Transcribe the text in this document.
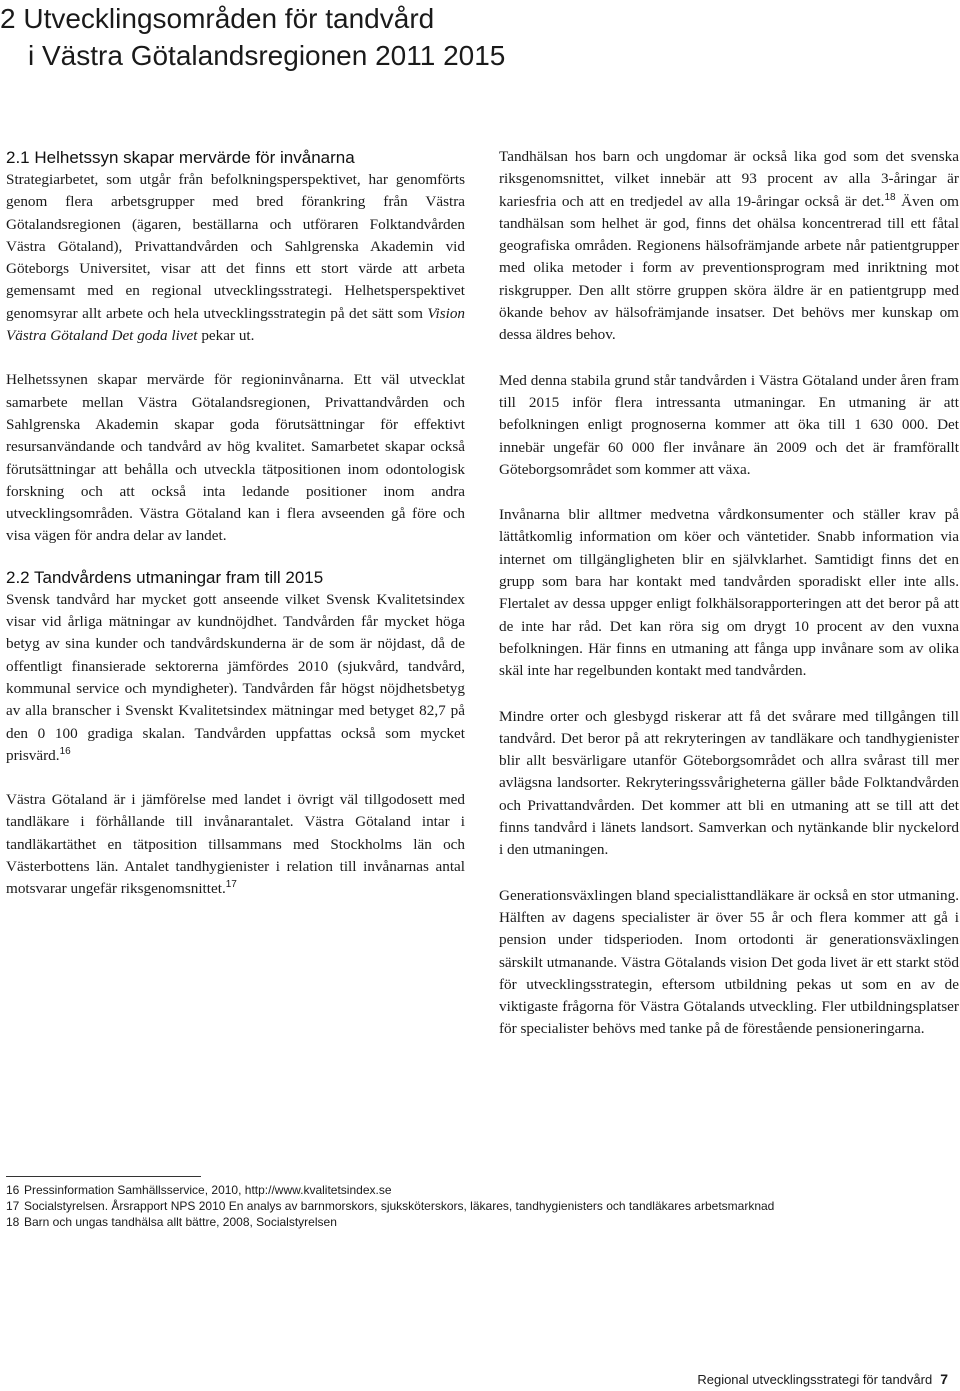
2 Utvecklingsområden för tandvård
i Västra Götalandsregionen 2011 2015
2.1 Helhetssyn skapar mervärde för invånarna

Strategiarbetet, som utgår från befolkningsperspektivet, har genomförts genom flera arbetsgrupper med bred förankring från Västra Götalandsregionen (ägaren, beställarna och utföraren Folktandvården Västra Götaland), Privattandvården och Sahlgrenska Akademin vid Göteborgs Universitet, visar att det finns ett stort värde att arbeta gemensamt med en regional utvecklingsstrategi. Helhetsperspektivet genomsyrar allt arbete och hela utvecklingsstrategin på det sätt som Vision Västra Götaland Det goda livet pekar ut.

Helhetssynen skapar mervärde för regioninvånarna. Ett väl utvecklat samarbete mellan Västra Götalandsregionen, Privattandvården och Sahlgrenska Akademin skapar goda förutsättningar för effektivt resursanvändande och tandvård av hög kvalitet. Samarbetet skapar också förutsättningar att behålla och utveckla tätpositionen inom odontologisk forskning och att också inta ledande positioner inom andra utvecklingsområden. Västra Götaland kan i flera avseenden gå före och visa vägen för andra delar av landet.

2.2 Tandvårdens utmaningar fram till 2015

Svensk tandvård har mycket gott anseende vilket Svensk Kvalitetsindex visar vid årliga mätningar av kundnöjdhet. Tandvården får mycket höga betyg av sina kunder och tandvårdskunderna är de som är nöjdast, då de offentligt finansierade sektorerna jämfördes 2010 (sjukvård, tandvård, kommunal service och myndigheter). Tandvården får högst nöjdhetsbetyg av alla branscher i Svenskt Kvalitetsindex mätningar med betyget 82,7 på den 0 100 gradiga skalan. Tandvården uppfattas också som mycket prisvärd.$^{16}$

Västra Götaland är i jämförelse med landet i övrigt väl tillgodosett med tandläkare i förhållande till invånarantalet. Västra Götaland intar i tandläkartäthet en tätposition tillsammans med Stockholms län och Västerbottens län. Antalet tandhygienister i relation till invånarnas antal motsvarar ungefär riksgenomsnittet.$^{17}$

Tandhälsan hos barn och ungdomar är också lika god som det svenska riksgenomsnittet, vilket innebär att 93 procent av alla 3-åringar är kariesfria och att en tredjedel av alla 19-åringar också är det.$^{18}$ Även om tandhälsan som helhet är god, finns det ohälsa koncentrerad till ett fåtal geografiska områden. Regionens hälsofrämjande arbete når patientgrupper med olika metoder i form av preventionsprogram med inriktning mot riskgrupper. Den allt större gruppen sköra äldre är en patientgrupp med ökande behov av hälsofrämjande insatser. Det behövs mer kunskap om dessa äldres behov.

Med denna stabila grund står tandvården i Västra Götaland under åren fram till 2015 inför flera intressanta utmaningar. En utmaning är att befolkningen enligt prognoserna kommer att öka till 1 630 000. Det innebär ungefär 60 000 fler invånare än 2009 och det är framförallt Göteborgsområdet som kommer att växa.

Invånarna blir alltmer medvetna vårdkonsumenter och ställer krav på lättåtkomlig information om köer och väntetider. Snabb information via internet om tillgängligheten blir en självklarhet. Samtidigt finns det en grupp som bara har kontakt med tandvården sporadiskt eller inte alls. Flertalet av dessa uppger enligt folkhälsorapporteringen att det beror på att de inte har råd. Det kan röra sig om drygt 10 procent av den vuxna befolkningen. Här finns en utmaning att fånga upp invånare som av olika skäl inte har regelbunden kontakt med tandvården.

Mindre orter och glesbygd riskerar att få det svårare med tillgången till tandvård. Det beror på att rekryteringen av tandläkare och tandhygienister blir allt besvärligare utanför Göteborgsområdet och allra svårast till mer avlägsna landsorter. Rekryteringssvårigheterna gäller både Folktandvården och Privattandvården. Det kommer att bli en utmaning att se till att det finns tandvård i länets landsort. Samverkan och nytänkande blir nyckelord i den utmaningen.

Generationsväxlingen bland specialisttandläkare är också en stor utmaning. Hälften av dagens specialister är över 55 år och flera kommer att gå i pension under tidsperioden. Inom ortodonti är generationsväxlingen särskilt utmanande. Västra Götalands vision Det goda livet är ett starkt stöd för utvecklingsstrategin, eftersom utbildning pekas ut som en av de viktigaste frågorna för Västra Götalands utveckling. Fler utbildningsplatser för specialister behövs med tanke på de förestående pensioneringarna.

16 Pressinformation Samhällsservice, 2010, http://www.kvalitetsindex.se
17 Socialstyrelsen. Årsrapport NPS 2010 En analys av barnmorskors, sjuksköterskors, läkares, tandhygienisters och tandläkares arbetsmarknad
18 Barn och ungas tandhälsa allt bättre, 2008, Socialstyrelsen
Regional utvecklingsstrategi för tandvård 7
